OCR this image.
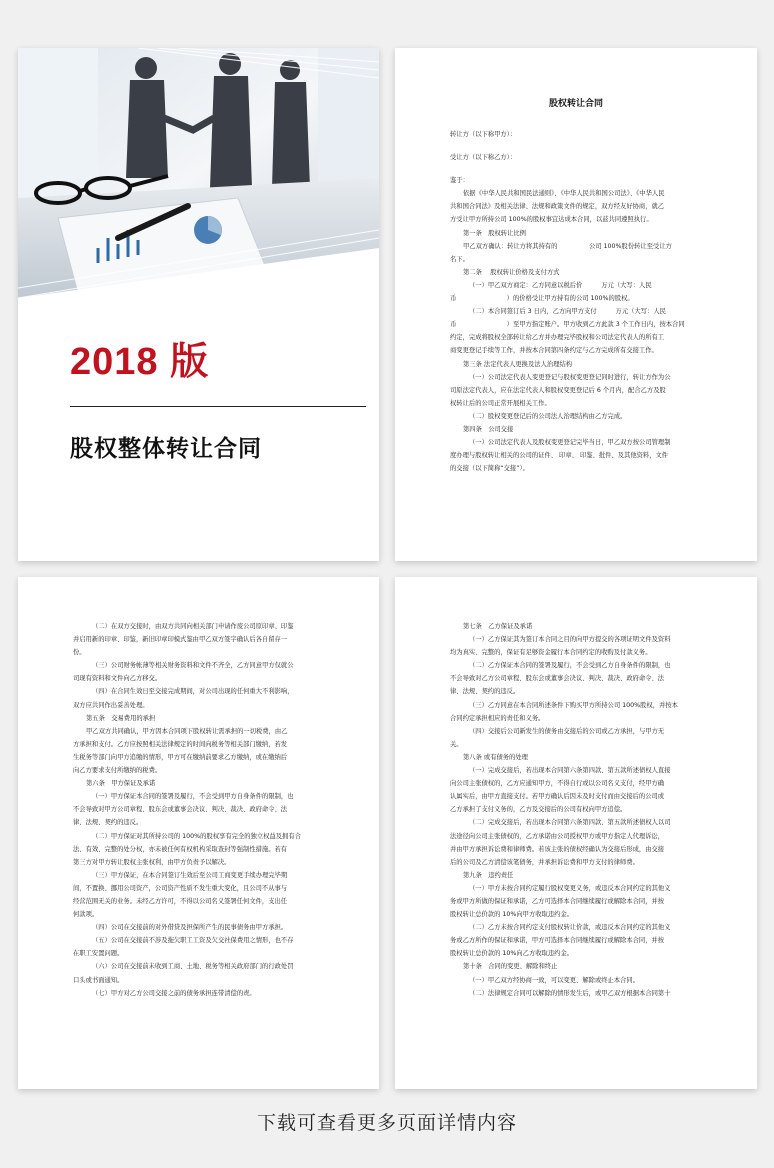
2018 版
股权整体转让合同
股权转让合同
转让方（以下称甲方）：
受让方（以下称乙方）：
鉴于：
依据《中华人民共和国民法通则》、《中华人民共和国公司法》、《中华人民
共和国合同法》及相关法律、法规和政策文件的规定，双方经友好协商，就乙
方受让甲方所持公司 100%的股权事宜达成本合同，以兹共同遵照执行。
第一条　股权转让比例
甲乙双方确认：转让方将其持有的　　　　　公司 100%股份转让至受让方
名下。
第二条　 股权转让价格及支付方式
（一）甲乙双方商定：乙方同意以税后价　　　万元（大写：人民
币　　　　　　　　）的价格受让甲方持有的公司 100%的股权。
（二）本合同签订后 3 日内，乙方向甲方支付　　　万元（大写：人民
币　　　　　　　　）至甲方指定账户。甲方收到乙方此款 3 个工作日内，按本合同
约定，完成将股权全部转让给乙方并办理完毕股权和公司法定代表人的所有工
商变更登记手续等工作，并按本合同第四条约定与乙方完成所有交接工作。
第三条 法定代表人更换及法人治理结构
（一）公司法定代表人变更登记与股权变更登记同时进行，转让方作为公
司原法定代表人，应在法定代表人和股权变更登记后 6 个月内，配合乙方及股
权转让后的公司正常开展相关工作。
（二）股权变更登记后的公司法人治理结构由乙方完成。
第四条　公司交接
（一）公司法定代表人及股权变更登记完毕当日，甲乙双方按公司管理制
度办理与股权转让相关的公司的证件、 印章、 印鉴、批件、及其他资料，文件
的交接（以下简称“交接”）。
（二）在双方交接时，由双方共同向相关部门申请作废公司原印章、印鉴
并启用新的印章、印鉴，新旧印章印模式鉴由甲乙双方签字确认后各自留存一
份。
（三）公司财务帐薄等相关财务资料和文件不齐全，乙方同意甲方仅就公
司现有资料和文件向乙方移交。
（四）在合同生效日至交接完成期间，对公司出现的任何重大不利影响，
双方应共同作出妥善处理。
第五条　交易费用的承担
甲乙双方共同确认，甲方因本合同项下股权转让需承担的一切税费，由乙
方承担和支付。乙方应按照相关法律规定的时间向税务等相关部门缴纳，若发
生税务等部门向甲方追缴的情形，甲方可在缴纳前要求乙方缴纳，或在缴纳后
向乙方要求支付所缴纳的税费。
第六条　甲方保证及承诺
（一）甲方保证本合同的签署及履行，不会受到甲方自身条件的限制，也
不会导致对甲方公司章程、股东会或董事会决议、判决、裁决、政府命令、法
律、法规、契约的违反。
（二）甲方保证对其所持公司的 100%的股权享有完全的独立权益及拥有合
法、有效、完整的处分权，亦未被任何有权机构采取查封等强制性措施。若有
第三方对甲方转让股权主张权利，由甲方负责予以解决。
（三）甲方保证，在本合同签订生效后至公司工商变更手续办理完毕期
间，不置换、挪用公司资产，公司资产性质不发生重大变化，且公司不从事与
经营范围无关的业务。未经乙方许可，不得以公司名义签署任何文件，支出任
何款项。
（四）公司在交接前的对外借贷及担保所产生的民事债务由甲方承担。
（五）公司在交接前不涉及拖欠职工工资及欠交社保费用之情形，也不存
在职工安置问题。
（六）公司在交接前未收到工商、土地、税务等相关政府部门的行政处罚
口头或书面通知。
（七）甲方对乙方公司交接之前的债务承担连带清偿的责。
第七条　乙方保证及承诺
（一）乙方保证其为签订本合同之目的向甲方提交的各项证明文件及资料
均为真实、完整的，保证有足够资金履行本合同约定的收购及付款义务。
（二）乙方保证本合同的签署及履行，不会受到乙方自身条件的限制，也
不会导致对乙方公司章程、股东会或董事会决议、判决、裁决、政府命令、法
律、法规、契约的违反。
（三）乙方同意在本合同所述条件下购买甲方所持公司 100%股权，并按本
合同约定承担相应的责任和义务。
（四）交接后公司新发生的债务由交接后的公司或乙方承担，与甲方无
关。
第八条 或有债务的处理
（一）完成交接后，若出现本合同第六条第四款、第五款所述债权人直接
向公司主张债权的，乙方应通知甲方，不得自行或以公司名义支付，经甲方确
认属实后，由甲方直接支付。若甲方确认后因未及时支付而由交接后的公司或
乙方承担了支付义务的，乙方及交接后的公司有权向甲方追偿。
（二）完成交接后，若出现本合同第六条第四款、第五款所述债权人以司
法途径向公司主张债权的，乙方承诺由公司授权甲方或甲方指定人代理诉讼，
并由甲方承担诉讼费和律师费。若该主张的债权经确认为交接后形成，由交接
后的公司及乙方清偿该笔债务，并承担诉讼费和甲方支付的律师费。
第九条　违约责任
（一）甲方未按合同约定履行股权变更义务，或违反本合同约定的其他义
务或甲方所做的保证和承诺，乙方可选择本合同继续履行或解除本合同，并按
股权转让总价款的 10%向甲方收取违约金。
（二）乙方未按合同约定支付股权转让价款，或违反本合同约定的其他义
务或乙方所作的保证和承诺，甲方可选择本合同继续履行或解除本合同，并按
股权转让总价款的 10%向乙方收取违约金。
第十条　合同的变更、解除和终止
（一）甲乙双方经协商一致，可以变更、解除或终止本合同。
（二）法律规定合同可以解除的情形发生后，或甲乙双方根据本合同第十
下载可查看更多页面详情内容
